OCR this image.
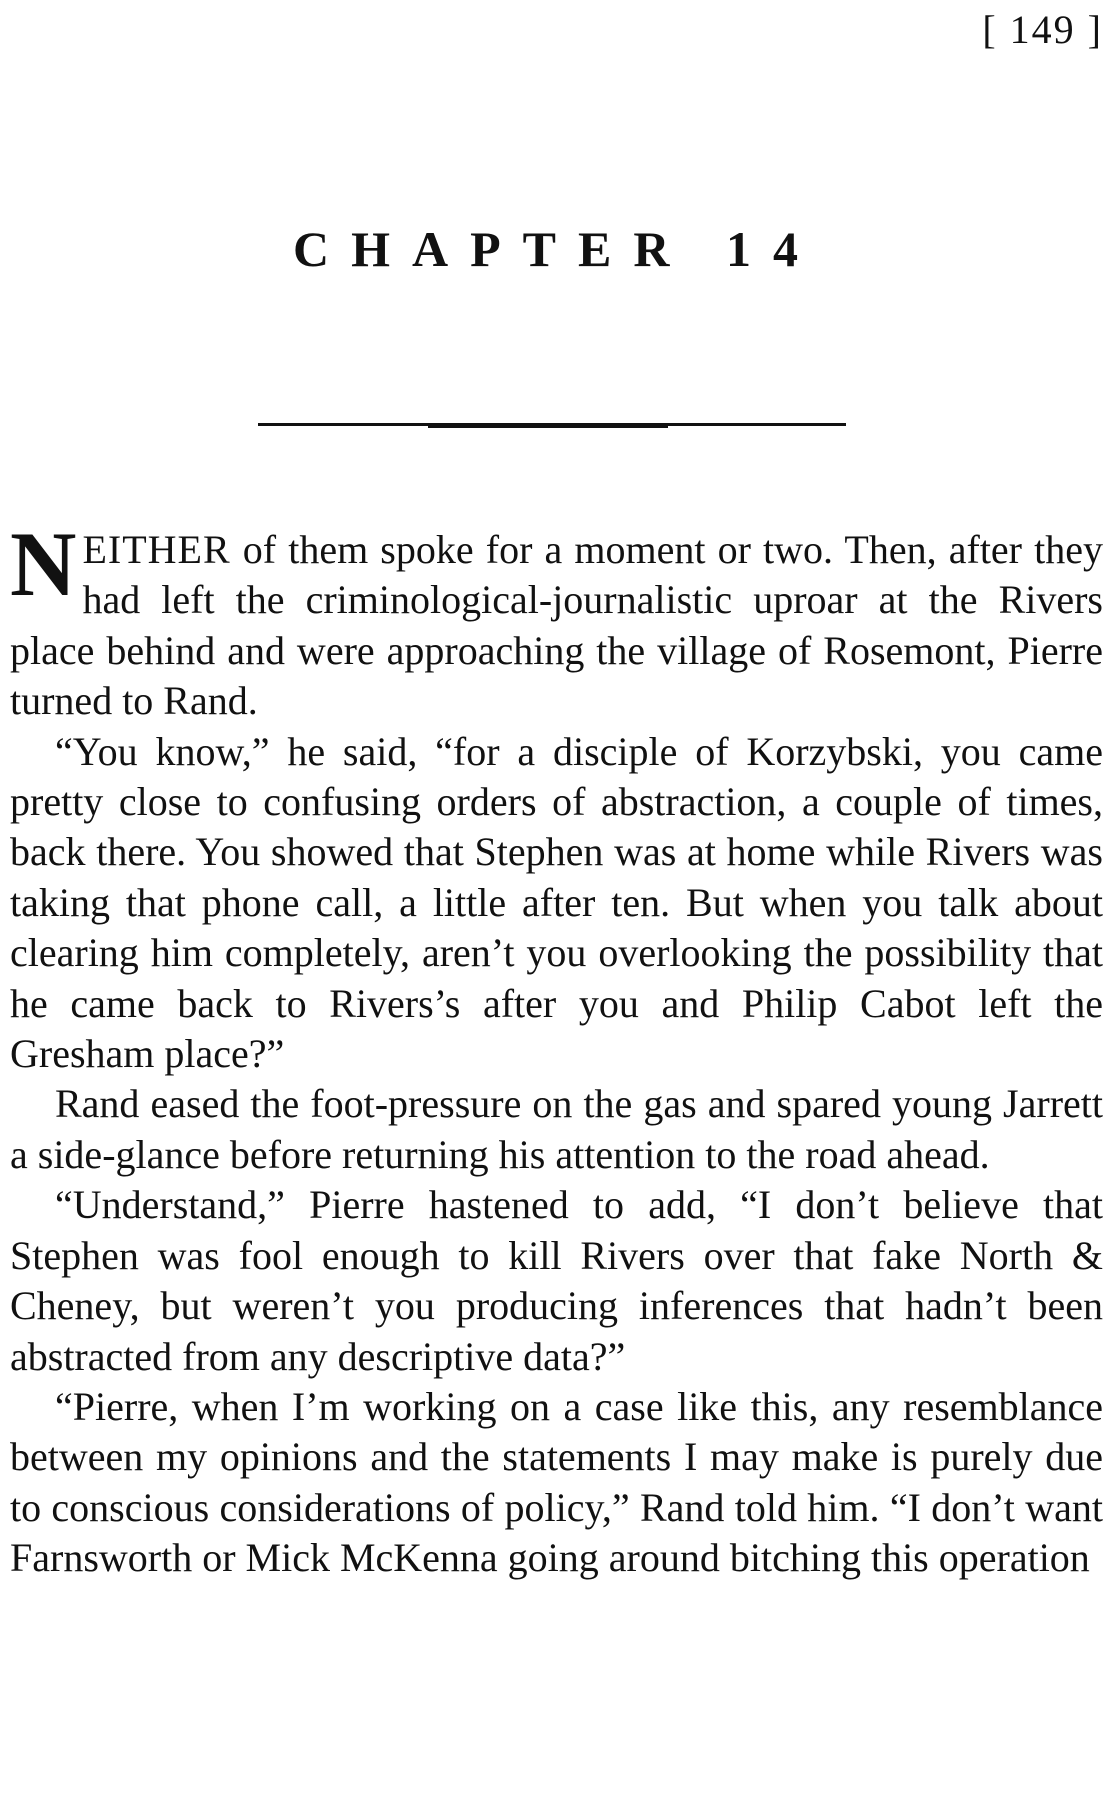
[ 149 ]
CHAPTER 14

NEITHER of them spoke for a moment or two. Then, after they had left the criminological-journalistic uproar at the Rivers place behind and were approaching the village of Rosemont, Pierre turned to Rand.

“You know,” he said, “for a disciple of Korzybski, you came pretty close to confusing orders of abstraction, a couple of times, back there. You showed that Stephen was at home while Rivers was taking that phone call, a little after ten. But when you talk about clearing him completely, aren’t you overlooking the possibility that he came back to Rivers’s after you and Philip Cabot left the Gresham place?”

Rand eased the foot-pressure on the gas and spared young Jarrett a side-glance before returning his attention to the road ahead.

“Understand,” Pierre hastened to add, “I don’t believe that Stephen was fool enough to kill Rivers over that fake North & Cheney, but weren’t you producing inferences that hadn’t been abstracted from any descriptive data?”

“Pierre, when I’m working on a case like this, any resemblance between my opinions and the statements I may make is purely due to conscious considerations of policy,” Rand told him. “I don’t want Farnsworth or Mick McKenna going around bitching this operation
